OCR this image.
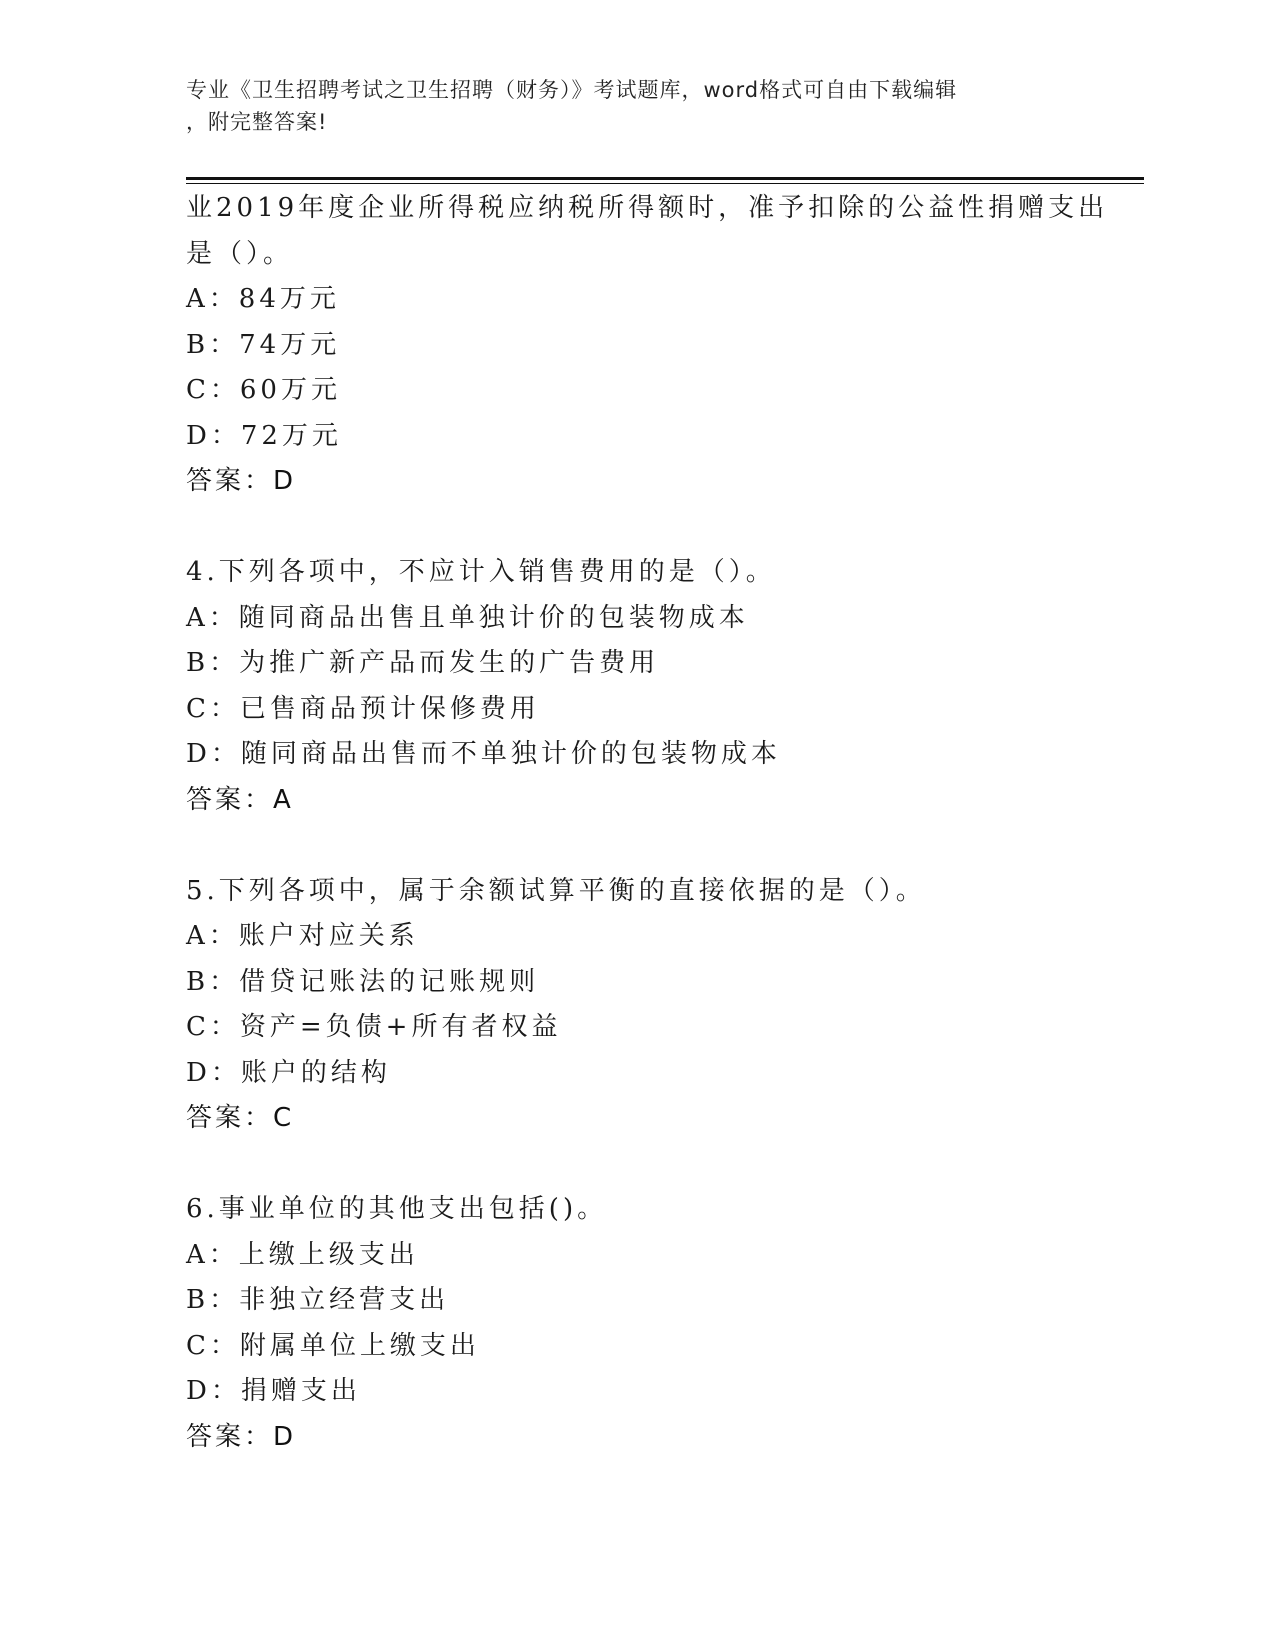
专业《卫生招聘考试之卫生招聘（财务）》考试题库，word格式可自由下载编辑
，附完整答案!
业2019年度企业所得税应纳税所得额时，准予扣除的公益性捐赠支出
是（）。
A：84万元
B：74万元
C：60万元
D：72万元
答案：D
4.下列各项中，不应计入销售费用的是（）。
A：随同商品出售且单独计价的包装物成本
B：为推广新产品而发生的广告费用
C：已售商品预计保修费用
D：随同商品出售而不单独计价的包装物成本
答案：A
5.下列各项中，属于余额试算平衡的直接依据的是（）。
A：账户对应关系
B：借贷记账法的记账规则
C：资产=负债+所有者权益
D：账户的结构
答案：C
6.事业单位的其他支出包括()。
A：上缴上级支出
B：非独立经营支出
C：附属单位上缴支出
D：捐赠支出
答案：D
